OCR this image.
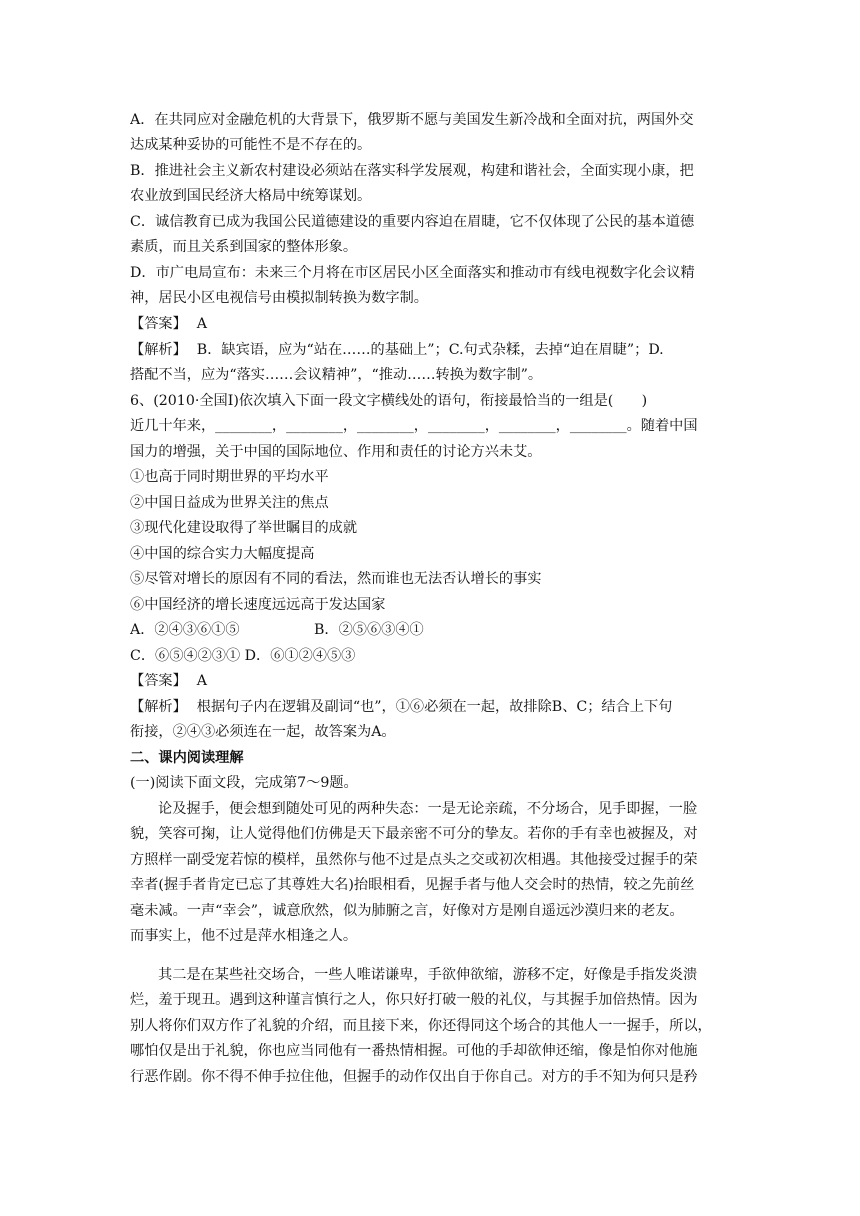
A．在共同应对金融危机的大背景下，俄罗斯不愿与美国发生新冷战和全面对抗，两国外交
达成某种妥协的可能性不是不存在的。
B．推进社会主义新农村建设必须站在落实科学发展观，构建和谐社会，全面实现小康，把
农业放到国民经济大格局中统筹谋划。
C．诚信教育已成为我国公民道德建设的重要内容迫在眉睫，它不仅体现了公民的基本道德
素质，而且关系到国家的整体形象。
D．市广电局宣布：未来三个月将在市区居民小区全面落实和推动市有线电视数字化会议精
神，居民小区电视信号由模拟制转换为数字制。
【答案】 A
【解析】 B．缺宾语，应为“站在……的基础上”；C.句式杂糅，去掉“迫在眉睫”；D.
搭配不当，应为“落实……会议精神”，“推动……转换为数字制”。
6、(2010·全国Ⅰ)依次填入下面一段文字横线处的语句，衔接最恰当的一组是(　　)
近几十年来，________，________，________，________，________，________。随着中国
国力的增强，关于中国的国际地位、作用和责任的讨论方兴未艾。
①也高于同时期世界的平均水平
②中国日益成为世界关注的焦点
③现代化建设取得了举世瞩目的成就
④中国的综合实力大幅度提高
⑤尽管对增长的原因有不同的看法，然而谁也无法否认增长的事实
⑥中国经济的增长速度远远高于发达国家
A．②④③⑥①⑤	B．②⑤⑥③④①
C．⑥⑤④②③① D．⑥①②④⑤③
【答案】 A
【解析】 根据句子内在逻辑及副词“也”，①⑥必须在一起，故排除B、C；结合上下句
衔接，②④③必须连在一起，故答案为A。
二、课内阅读理解
(一)阅读下面文段，完成第7～9题。
论及握手，便会想到随处可见的两种失态：一是无论亲疏，不分场合，见手即握，一脸
貌，笑容可掬，让人觉得他们仿佛是天下最亲密不可分的挚友。若你的手有幸也被握及，对
方照样一副受宠若惊的模样，虽然你与他不过是点头之交或初次相遇。其他接受过握手的荣
幸者(握手者肯定已忘了其尊姓大名)抬眼相看，见握手者与他人交会时的热情，较之先前丝
毫未减。一声“幸会”，诚意欣然，似为肺腑之言，好像对方是刚自遥远沙漠归来的老友。
而事实上，他不过是萍水相逢之人。
其二是在某些社交场合，一些人唯诺谦卑，手欲伸欲缩，游移不定，好像是手指发炎溃
烂，羞于现丑。遇到这种谨言慎行之人，你只好打破一般的礼仪，与其握手加倍热情。因为
别人将你们双方作了礼貌的介绍，而且接下来，你还得同这个场合的其他人一一握手，所以，
哪怕仅是出于礼貌，你也应当同他有一番热情相握。可他的手却欲伸还缩，像是怕你对他施
行恶作剧。你不得不伸手拉住他，但握手的动作仅出自于你自己。对方的手不知为何只是矜
